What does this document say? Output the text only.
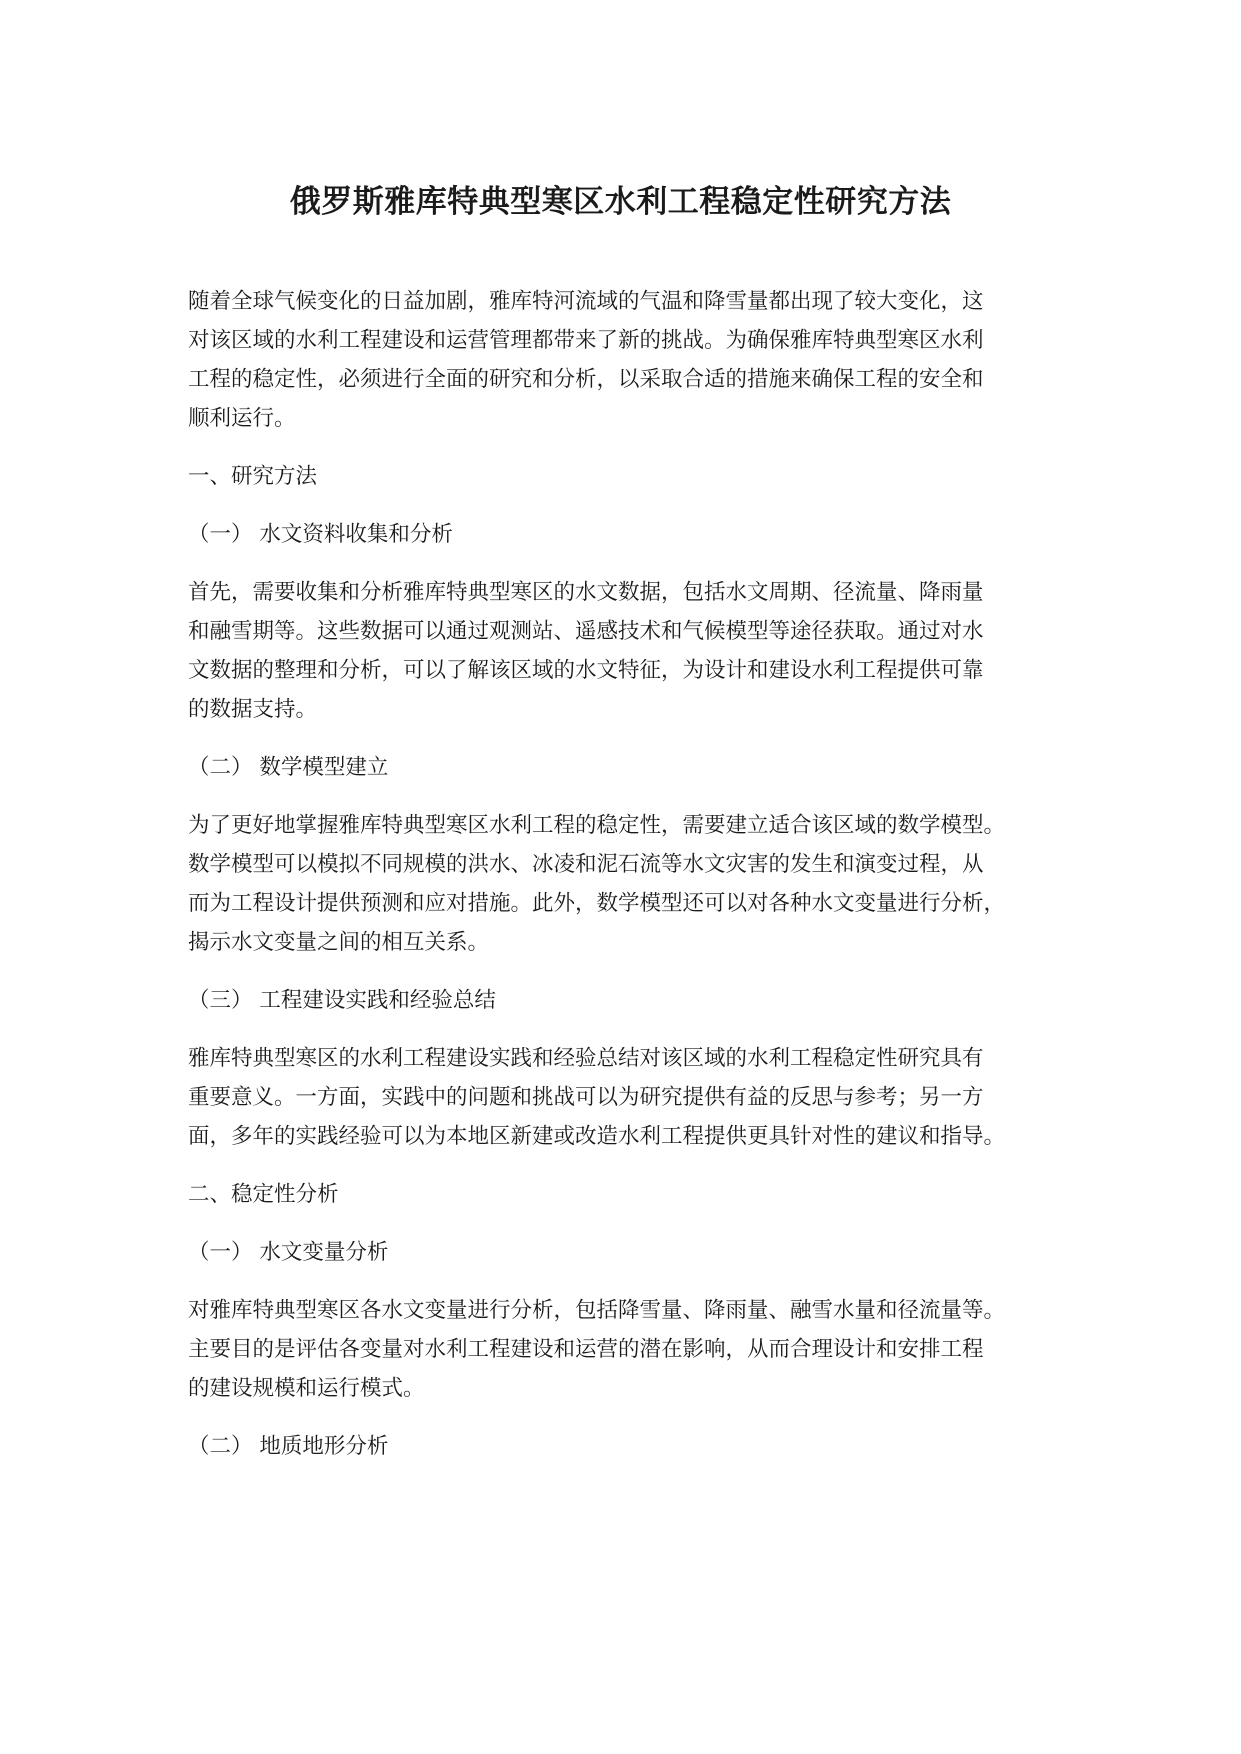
俄罗斯雅库特典型寒区水利工程稳定性研究方法

随着全球气候变化的日益加剧，雅库特河流域的气温和降雪量都出现了较大变化，这
对该区域的水利工程建设和运营管理都带来了新的挑战。为确保雅库特典型寒区水利
工程的稳定性，必须进行全面的研究和分析，以采取合适的措施来确保工程的安全和
顺利运行。

一、研究方法

（一） 水文资料收集和分析

首先，需要收集和分析雅库特典型寒区的水文数据，包括水文周期、径流量、降雨量
和融雪期等。这些数据可以通过观测站、遥感技术和气候模型等途径获取。通过对水
文数据的整理和分析，可以了解该区域的水文特征，为设计和建设水利工程提供可靠
的数据支持。

（二） 数学模型建立

为了更好地掌握雅库特典型寒区水利工程的稳定性，需要建立适合该区域的数学模型。
数学模型可以模拟不同规模的洪水、冰凌和泥石流等水文灾害的发生和演变过程，从
而为工程设计提供预测和应对措施。此外，数学模型还可以对各种水文变量进行分析，
揭示水文变量之间的相互关系。

（三） 工程建设实践和经验总结

雅库特典型寒区的水利工程建设实践和经验总结对该区域的水利工程稳定性研究具有
重要意义。一方面，实践中的问题和挑战可以为研究提供有益的反思与参考；另一方
面，多年的实践经验可以为本地区新建或改造水利工程提供更具针对性的建议和指导。

二、稳定性分析

（一） 水文变量分析

对雅库特典型寒区各水文变量进行分析，包括降雪量、降雨量、融雪水量和径流量等。
主要目的是评估各变量对水利工程建设和运营的潜在影响，从而合理设计和安排工程
的建设规模和运行模式。

（二） 地质地形分析
